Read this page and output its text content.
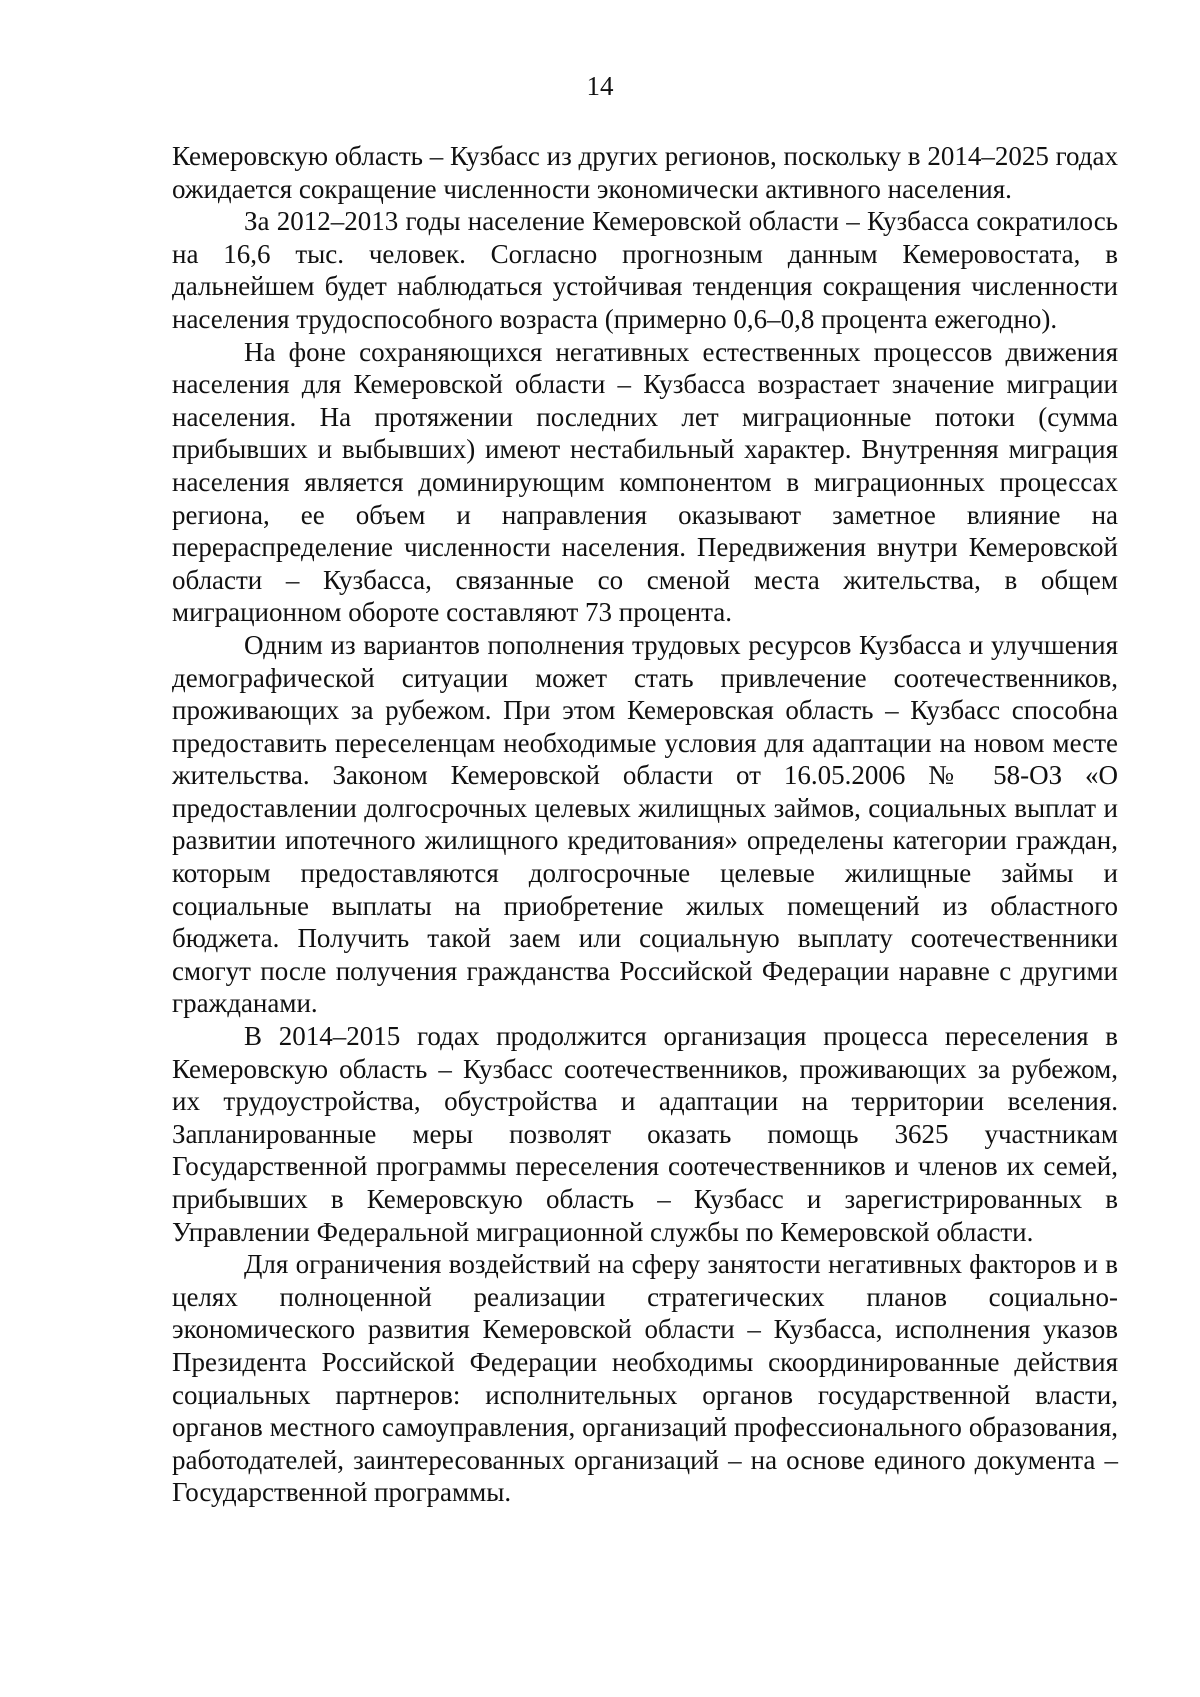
14

Кемеровскую область – Кузбасс из других регионов, поскольку в 2014–2025 годах ожидается сокращение численности экономически активного населения.

За 2012–2013 годы население Кемеровской области – Кузбасса сократилось на 16,6 тыс. человек. Согласно прогнозным данным Кемеровостата, в дальнейшем будет наблюдаться устойчивая тенденция сокращения численности населения трудоспособного возраста (примерно 0,6–0,8 процента ежегодно).

На фоне сохраняющихся негативных естественных процессов движения населения для Кемеровской области – Кузбасса возрастает значение миграции населения. На протяжении последних лет миграционные потоки (сумма прибывших и выбывших) имеют нестабильный характер. Внутренняя миграция населения является доминирующим компонентом в миграционных процессах региона, ее объем и направления оказывают заметное влияние на перераспределение численности населения. Передвижения внутри Кемеровской области – Кузбасса, связанные со сменой места жительства, в общем миграционном обороте составляют 73 процента.

Одним из вариантов пополнения трудовых ресурсов Кузбасса и улучшения демографической ситуации может стать привлечение соотечественников, проживающих за рубежом. При этом Кемеровская область – Кузбасс способна предоставить переселенцам необходимые условия для адаптации на новом месте жительства. Законом Кемеровской области от 16.05.2006 № 58-ОЗ «О предоставлении долгосрочных целевых жилищных займов, социальных выплат и развитии ипотечного жилищного кредитования» определены категории граждан, которым предоставляются долгосрочные целевые жилищные займы и социальные выплаты на приобретение жилых помещений из областного бюджета. Получить такой заем или социальную выплату соотечественники смогут после получения гражданства Российской Федерации наравне с другими гражданами.

В 2014–2015 годах продолжится организация процесса переселения в Кемеровскую область – Кузбасс соотечественников, проживающих за рубежом, их трудоустройства, обустройства и адаптации на территории вселения. Запланированные меры позволят оказать помощь 3625 участникам Государственной программы переселения соотечественников и членов их семей, прибывших в Кемеровскую область – Кузбасс и зарегистрированных в Управлении Федеральной миграционной службы по Кемеровской области.

Для ограничения воздействий на сферу занятости негативных факторов и в целях полноценной реализации стратегических планов социально-экономического развития Кемеровской области – Кузбасса, исполнения указов Президента Российской Федерации необходимы скоординированные действия социальных партнеров: исполнительных органов государственной власти, органов местного самоуправления, организаций профессионального образования, работодателей, заинтересованных организаций – на основе единого документа – Государственной программы.
